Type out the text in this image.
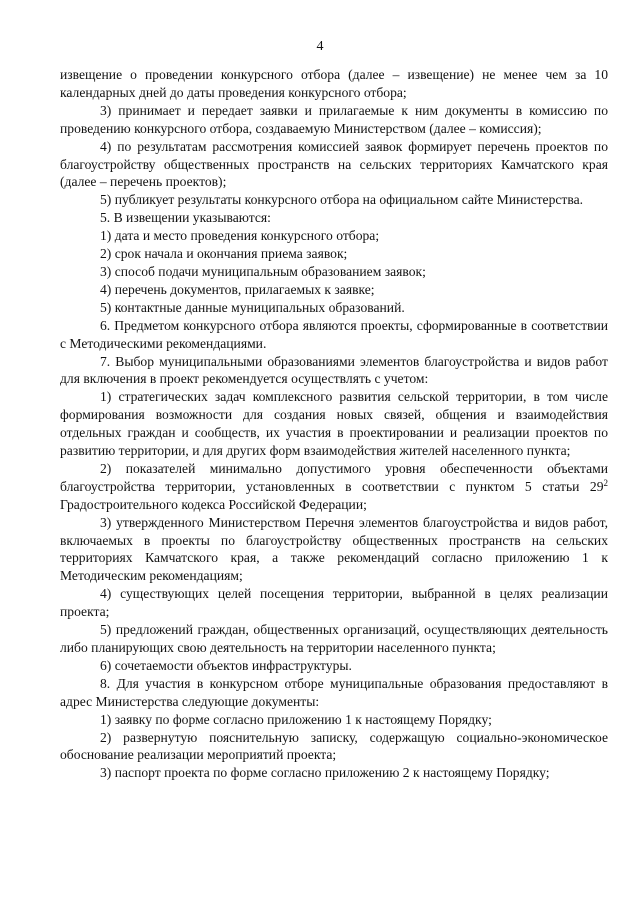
4

извещение о проведении конкурсного отбора (далее – извещение) не менее чем за 10 календарных дней до даты проведения конкурсного отбора;

3) принимает и передает заявки и прилагаемые к ним документы в комиссию по проведению конкурсного отбора, создаваемую Министерством (далее – комиссия);

4) по результатам рассмотрения комиссией заявок формирует перечень проектов по благоустройству общественных пространств на сельских территориях Камчатского края (далее – перечень проектов);

5) публикует результаты конкурсного отбора на официальном сайте Министерства.

5. В извещении указываются:

1) дата и место проведения конкурсного отбора;

2) срок начала и окончания приема заявок;

3) способ подачи муниципальным образованием заявок;

4) перечень документов, прилагаемых к заявке;

5) контактные данные муниципальных образований.

6. Предметом конкурсного отбора являются проекты, сформированные в соответствии с Методическими рекомендациями.

7. Выбор муниципальными образованиями элементов благоустройства и видов работ для включения в проект рекомендуется осуществлять с учетом:

1) стратегических задач комплексного развития сельской территории, в том числе формирования возможности для создания новых связей, общения и взаимодействия отдельных граждан и сообществ, их участия в проектировании и реализации проектов по развитию территории, и для других форм взаимодействия жителей населенного пункта;

2) показателей минимально допустимого уровня обеспеченности объектами благоустройства территории, установленных в соответствии с пунктом 5 статьи $29^2$ Градостроительного кодекса Российской Федерации;

3) утвержденного Министерством Перечня элементов благоустройства и видов работ, включаемых в проекты по благоустройству общественных пространств на сельских территориях Камчатского края, а также рекомендаций согласно приложению 1 к Методическим рекомендациям;

4) существующих целей посещения территории, выбранной в целях реализации проекта;

5) предложений граждан, общественных организаций, осуществляющих деятельность либо планирующих свою деятельность на территории населенного пункта;

6) сочетаемости объектов инфраструктуры.

8. Для участия в конкурсном отборе муниципальные образования предоставляют в адрес Министерства следующие документы:

1) заявку по форме согласно приложению 1 к настоящему Порядку;

2) развернутую пояснительную записку, содержащую социально-экономическое обоснование реализации мероприятий проекта;

3) паспорт проекта по форме согласно приложению 2 к настоящему Порядку;
